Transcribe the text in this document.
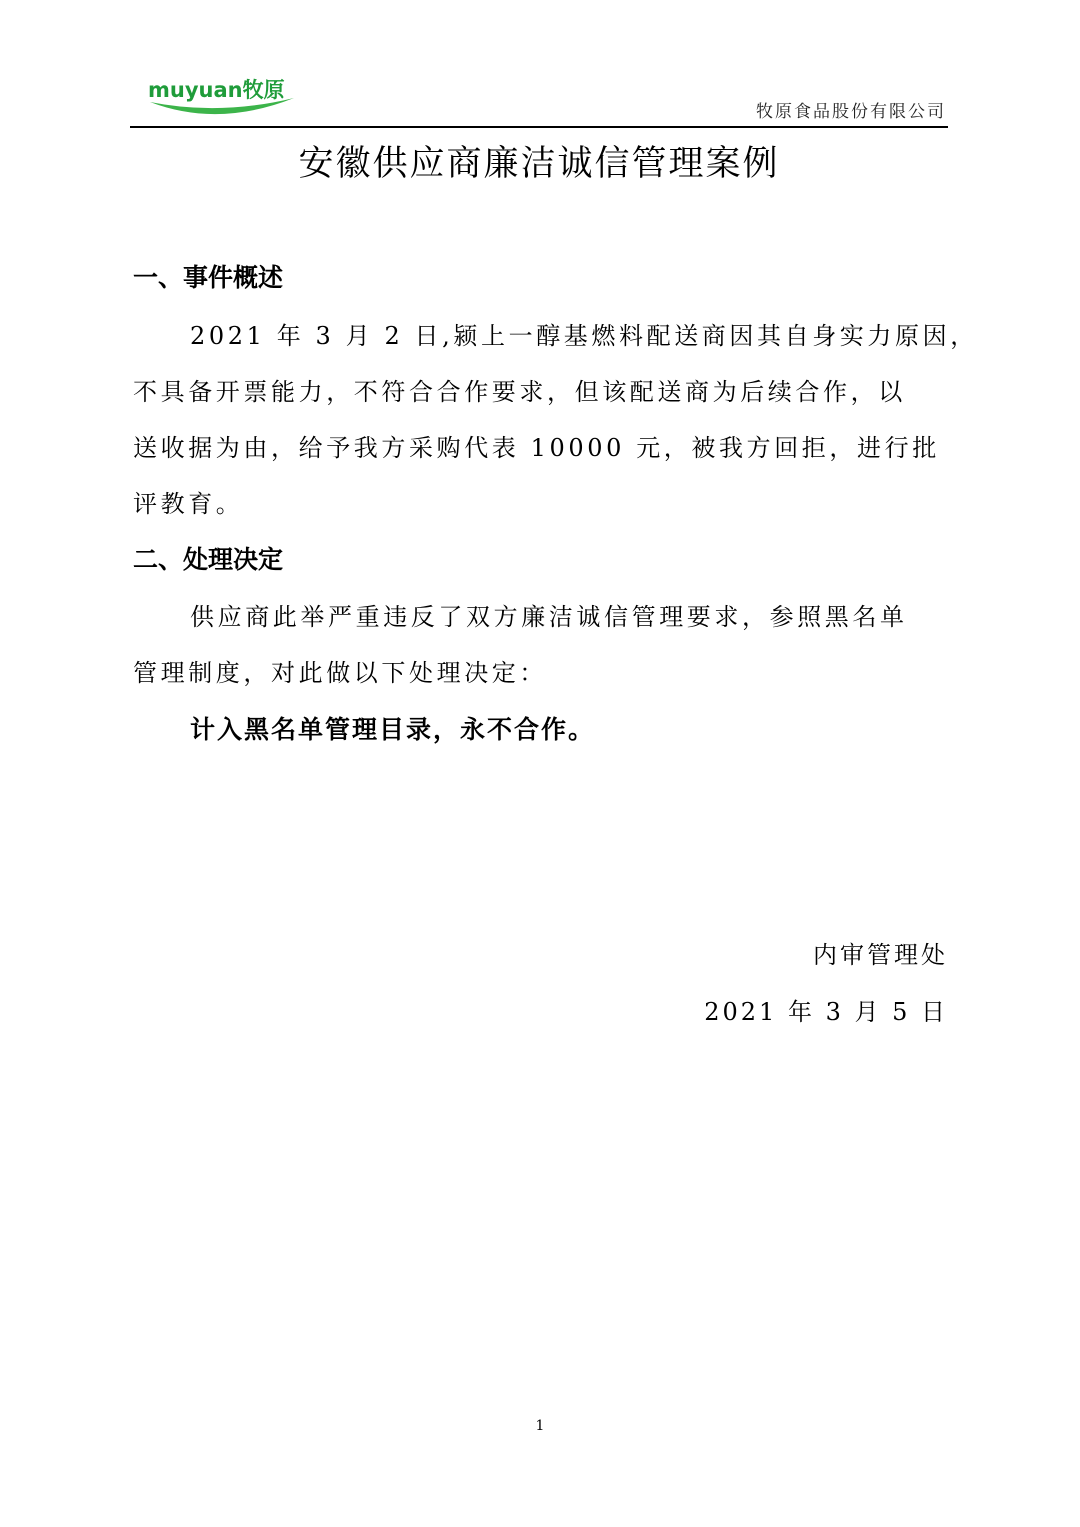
muyuan牧原
牧原食品股份有限公司
安徽供应商廉洁诚信管理案例
一、事件概述
2021 年 3 月 2 日,颍上一醇基燃料配送商因其自身实力原因，
不具备开票能力，不符合合作要求，但该配送商为后续合作，以
送收据为由，给予我方采购代表 10000 元，被我方回拒，进行批
评教育。
二、处理决定
供应商此举严重违反了双方廉洁诚信管理要求，参照黑名单
管理制度，对此做以下处理决定：
计入黑名单管理目录，永不合作。
内审管理处
2021 年 3 月 5 日
1
